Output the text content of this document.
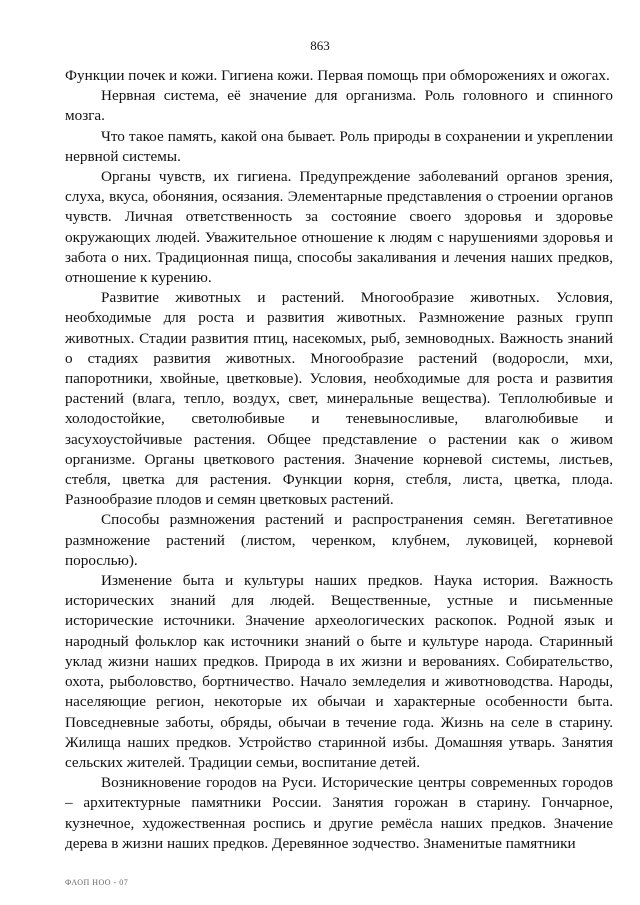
863

Функции почек и кожи. Гигиена кожи. Первая помощь при обморожениях и ожогах.

Нервная система, её значение для организма. Роль головного и спинного мозга.

Что такое память, какой она бывает. Роль природы в сохранении и укреплении нервной системы.

Органы чувств, их гигиена. Предупреждение заболеваний органов зрения, слуха, вкуса, обоняния, осязания. Элементарные представления о строении органов чувств. Личная ответственность за состояние своего здоровья и здоровье окружающих людей. Уважительное отношение к людям с нарушениями здоровья и забота о них. Традиционная пища, способы закаливания и лечения наших предков, отношение к курению.

Развитие животных и растений. Многообразие животных. Условия, необходимые для роста и развития животных. Размножение разных групп животных. Стадии развития птиц, насекомых, рыб, земноводных. Важность знаний о стадиях развития животных. Многообразие растений (водоросли, мхи, папоротники, хвойные, цветковые). Условия, необходимые для роста и развития растений (влага, тепло, воздух, свет, минеральные вещества). Теплолюбивые и холодостойкие, светолюбивые и теневыносливые, влаголюбивые и засухоустойчивые растения. Общее представление о растении как о живом организме. Органы цветкового растения. Значение корневой системы, листьев, стебля, цветка для растения. Функции корня, стебля, листа, цветка, плода. Разнообразие плодов и семян цветковых растений.

Способы размножения растений и распространения семян. Вегетативное размножение растений (листом, черенком, клубнем, луковицей, корневой порослью).

Изменение быта и культуры наших предков. Наука история. Важность исторических знаний для людей. Вещественные, устные и письменные исторические источники. Значение археологических раскопок. Родной язык и народный фольклор как источники знаний о быте и культуре народа. Старинный уклад жизни наших предков. Природа в их жизни и верованиях. Собирательство, охота, рыболовство, бортничество. Начало земледелия и животноводства. Народы, населяющие регион, некоторые их обычаи и характерные особенности быта. Повседневные заботы, обряды, обычаи в течение года. Жизнь на селе в старину. Жилища наших предков. Устройство старинной избы. Домашняя утварь. Занятия сельских жителей. Традиции семьи, воспитание детей.

Возникновение городов на Руси. Исторические центры современных городов – архитектурные памятники России. Занятия горожан в старину. Гончарное, кузнечное, художественная роспись и другие ремёсла наших предков. Значение дерева в жизни наших предков. Деревянное зодчество. Знаменитые памятники

ФАОП НОО - 07
